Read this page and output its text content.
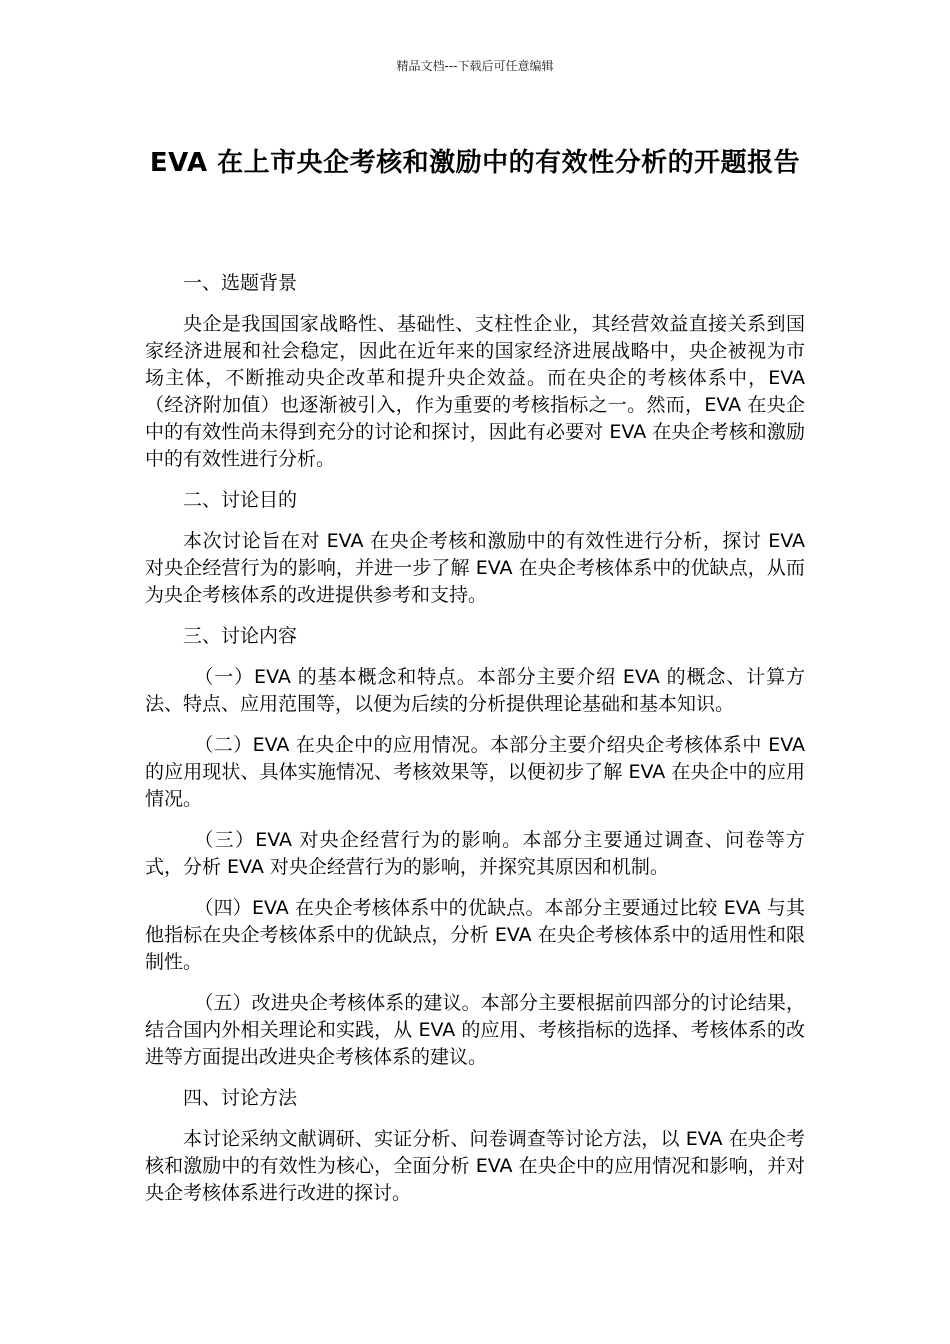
精品文档---下载后可任意编辑
EVA 在上市央企考核和激励中的有效性分析的开题报告

一、选题背景

央企是我国国家战略性、基础性、支柱性企业，其经营效益直接关系到国家经济进展和社会稳定，因此在近年来的国家经济进展战略中，央企被视为市场主体，不断推动央企改革和提升央企效益。而在央企的考核体系中，EVA（经济附加值）也逐渐被引入，作为重要的考核指标之一。然而，EVA 在央企中的有效性尚未得到充分的讨论和探讨，因此有必要对 EVA 在央企考核和激励中的有效性进行分析。

二、讨论目的

本次讨论旨在对 EVA 在央企考核和激励中的有效性进行分析，探讨 EVA 对央企经营行为的影响，并进一步了解 EVA 在央企考核体系中的优缺点，从而为央企考核体系的改进提供参考和支持。

三、讨论内容

（一）EVA 的基本概念和特点。本部分主要介绍 EVA 的概念、计算方法、特点、应用范围等，以便为后续的分析提供理论基础和基本知识。

（二）EVA 在央企中的应用情况。本部分主要介绍央企考核体系中 EVA 的应用现状、具体实施情况、考核效果等，以便初步了解 EVA 在央企中的应用情况。

（三）EVA 对央企经营行为的影响。本部分主要通过调查、问卷等方式，分析 EVA 对央企经营行为的影响，并探究其原因和机制。

（四）EVA 在央企考核体系中的优缺点。本部分主要通过比较 EVA 与其他指标在央企考核体系中的优缺点，分析 EVA 在央企考核体系中的适用性和限制性。

（五）改进央企考核体系的建议。本部分主要根据前四部分的讨论结果，结合国内外相关理论和实践，从 EVA 的应用、考核指标的选择、考核体系的改进等方面提出改进央企考核体系的建议。

四、讨论方法

本讨论采纳文献调研、实证分析、问卷调查等讨论方法，以 EVA 在央企考核和激励中的有效性为核心，全面分析 EVA 在央企中的应用情况和影响，并对央企考核体系进行改进的探讨。
